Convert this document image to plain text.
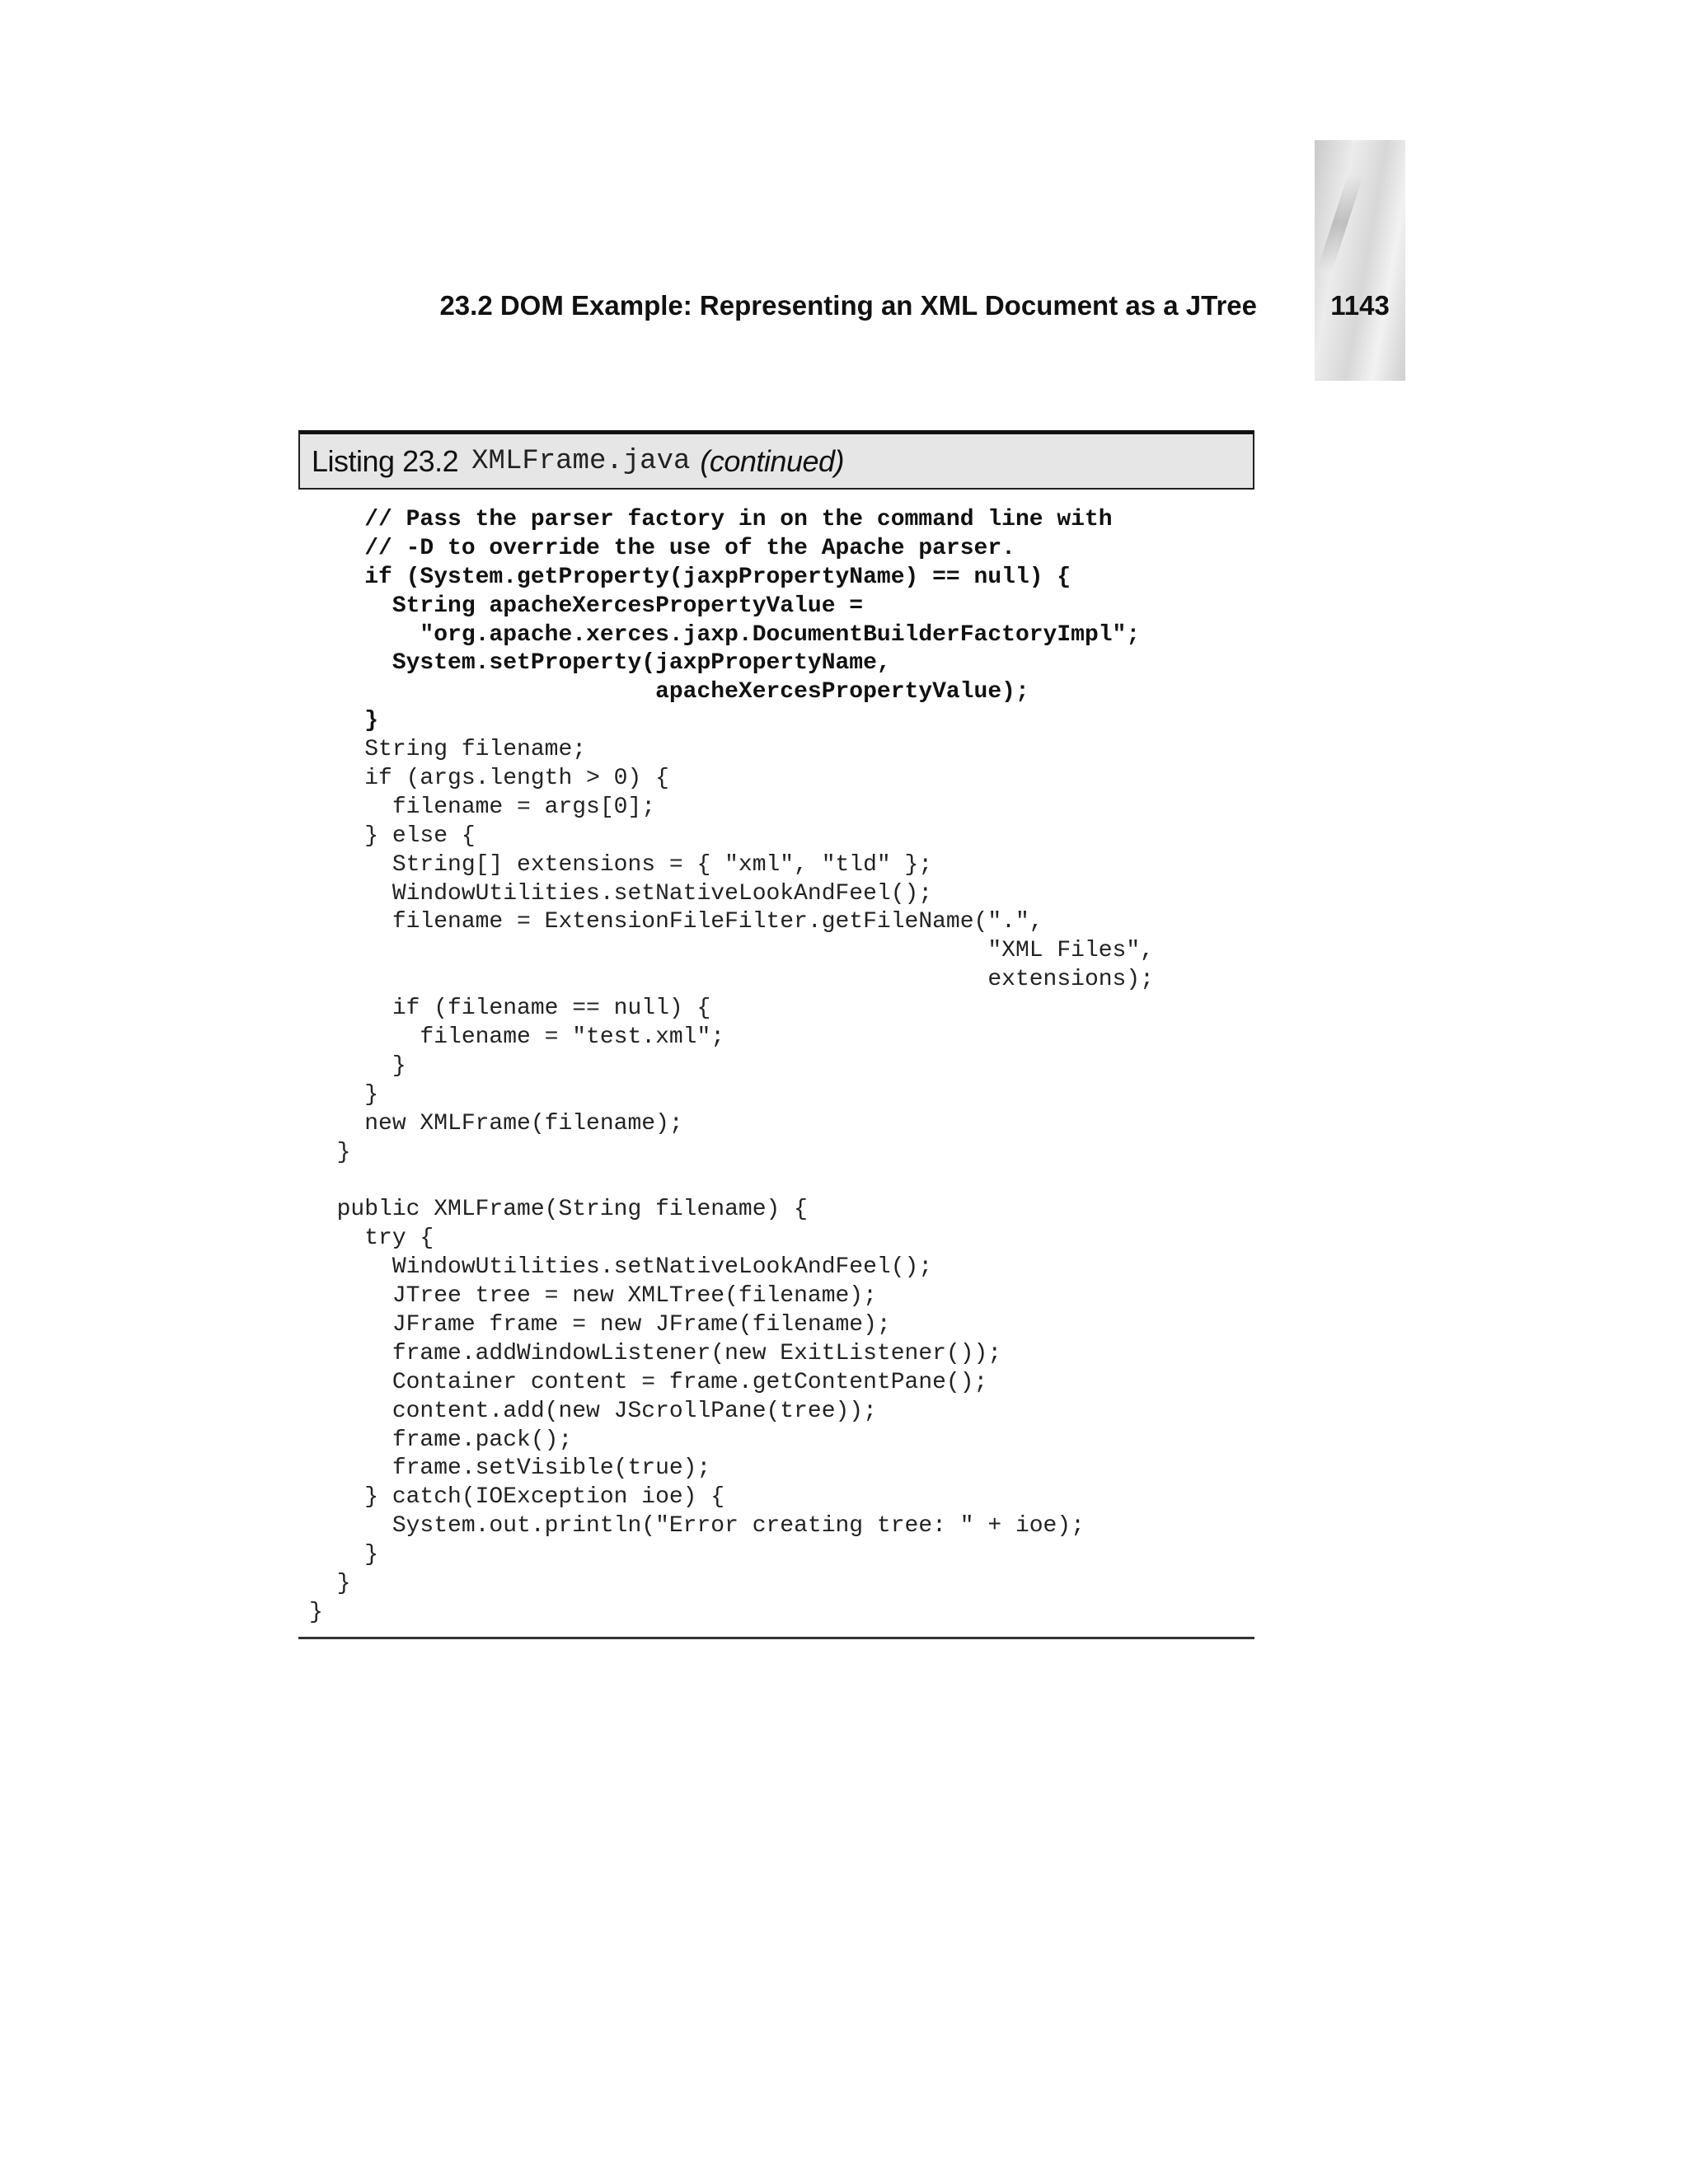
23.2 DOM Example: Representing an XML Document as a JTree	1143
Listing 23.2 XMLFrame.java (continued)
// Pass the parser factory in on the command line with
// -D to override the use of the Apache parser.
if (System.getProperty(jaxpPropertyName) == null) {
String apacheXercesPropertyValue =
"org.apache.xerces.jaxp.DocumentBuilderFactoryImpl";
System.setProperty(jaxpPropertyName,
apacheXercesPropertyValue);
}
String filename;
if (args.length > 0) {
filename = args[0];
} else {
String[] extensions = { "xml", "tld" };
WindowUtilities.setNativeLookAndFeel();
filename = ExtensionFileFilter.getFileName(".",
"XML Files",
extensions);
if (filename == null) {
filename = "test.xml";
}
}
new XMLFrame(filename);
}
public XMLFrame(String filename) {
try {
WindowUtilities.setNativeLookAndFeel();
JTree tree = new XMLTree(filename);
JFrame frame = new JFrame(filename);
frame.addWindowListener(new ExitListener());
Container content = frame.getContentPane();
content.add(new JScrollPane(tree));
frame.pack();
frame.setVisible(true);
} catch(IOException ioe) {
System.out.println("Error creating tree: " + ioe);
}
}
}
